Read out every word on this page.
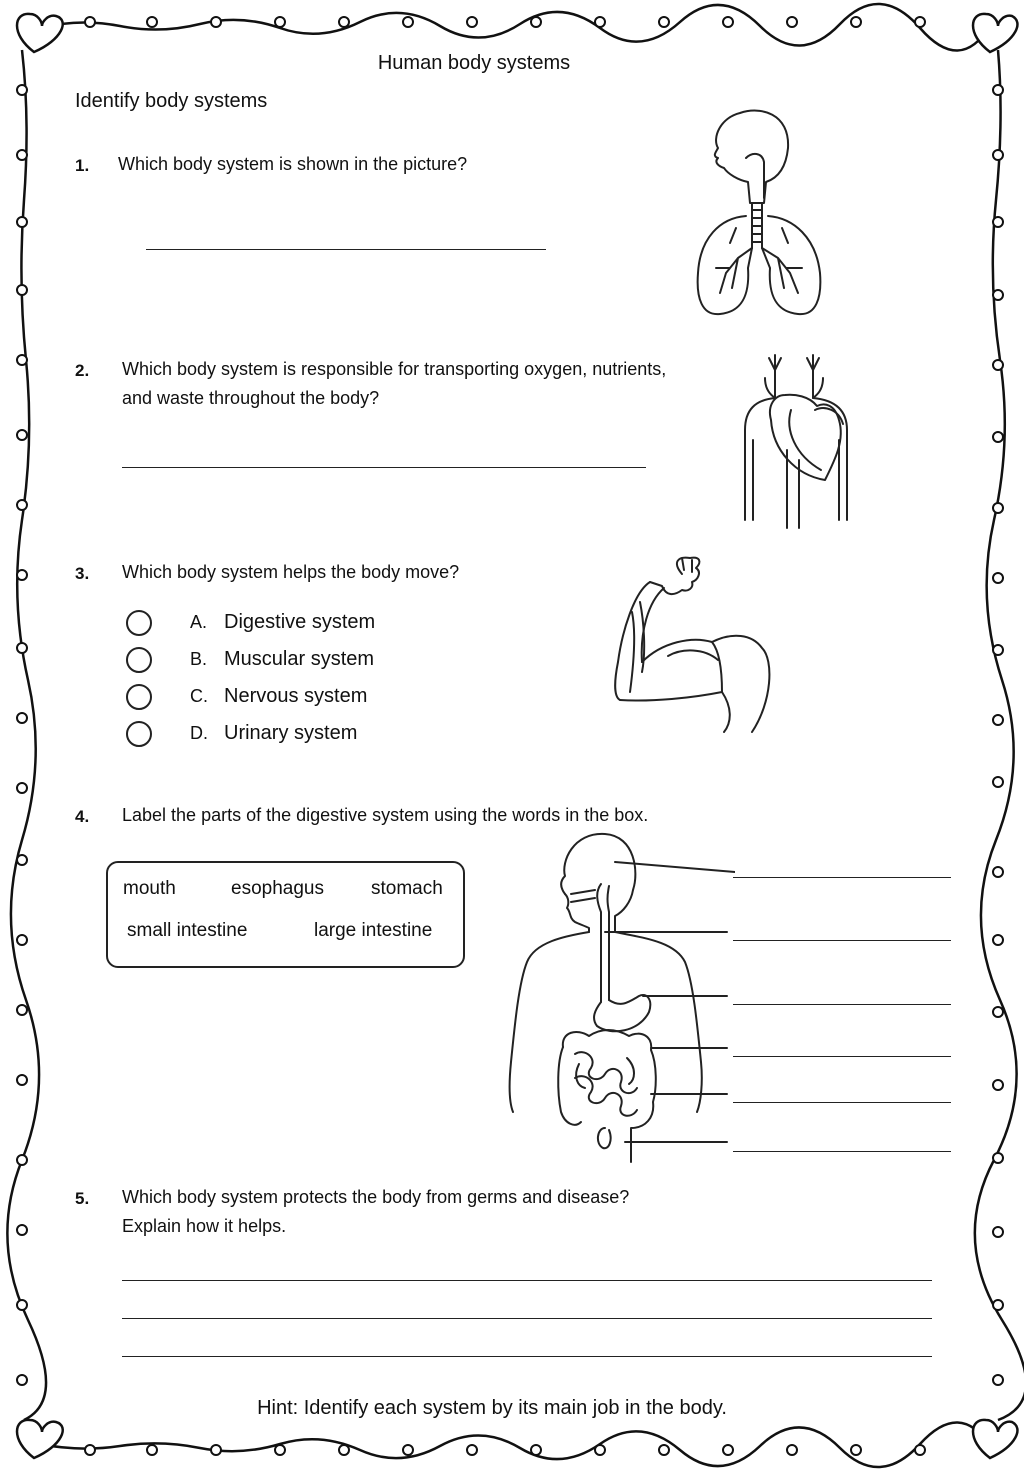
Human body systems
Identify body systems
1. Which body system is shown in the picture?
2. Which body system is responsible for transporting oxygen, nutrients,
and waste throughout the body?
3. Which body system helps the body move?
A. Digestive system
B. Muscular system
C. Nervous system
D. Urinary system
4. Label the parts of the digestive system using the words in the box.
mouth	esophagus stomach
small intestine	large intestine
5. Which body system protects the body from germs and disease?
Explain how it helps.
Hint: Identify each system by its main job in the body.
